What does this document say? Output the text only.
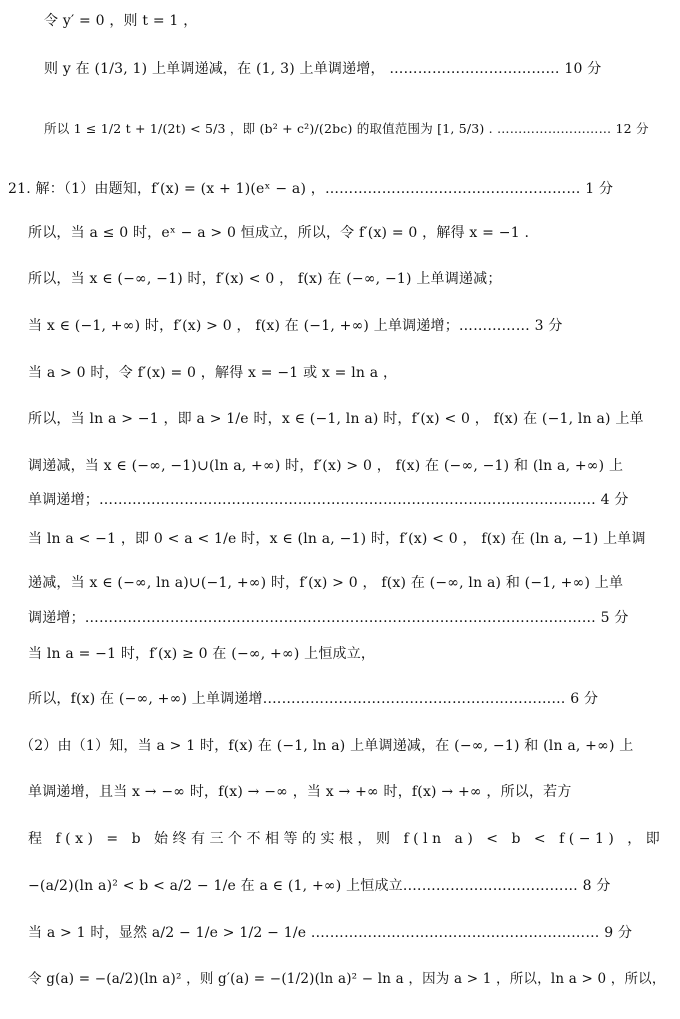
令 y′ = 0 ，则 t = 1 ，
则 y 在 (1/3, 1) 上单调递减，在 (1, 3) 上单调递增， ……………………………… 10 分
所以 1 ≤ 1/2 t + 1/(2t) < 5/3 ，即 (b² + c²)/(2bc) 的取值范围为 [1, 5/3) . ……………………… 12 分
21. 解：（1）由题知，f′(x) = (x + 1)(eˣ − a) ，……………………………………………… 1 分
所以，当 a ≤ 0 时，eˣ − a > 0 恒成立，所以，令 f′(x) = 0 ，解得 x = −1 .
所以，当 x ∈ (−∞, −1) 时，f′(x) < 0 ， f(x) 在 (−∞, −1) 上单调递减；
当 x ∈ (−1, +∞) 时，f′(x) > 0 ， f(x) 在 (−1, +∞) 上单调递增；…………… 3 分
当 a > 0 时，令 f′(x) = 0 ，解得 x = −1 或 x = ln a ，
所以，当 ln a > −1 ，即 a > 1/e 时，x ∈ (−1, ln a) 时，f′(x) < 0 ， f(x) 在 (−1, ln a) 上单
调递减，当 x ∈ (−∞, −1)∪(ln a, +∞) 时，f′(x) > 0 ， f(x) 在 (−∞, −1) 和 (ln a, +∞) 上
单调递增；…………………………………………………………………………………………… 4 分
当 ln a < −1 ，即 0 < a < 1/e 时，x ∈ (ln a, −1) 时，f′(x) < 0 ， f(x) 在 (ln a, −1) 上单调
递减，当 x ∈ (−∞, ln a)∪(−1, +∞) 时，f′(x) > 0 ， f(x) 在 (−∞, ln a) 和 (−1, +∞) 上单
调递增；……………………………………………………………………………………………… 5 分
当 ln a = −1 时，f′(x) ≥ 0 在 (−∞, +∞) 上恒成立，
所以，f(x) 在 (−∞, +∞) 上单调递增.……………………………………………………… 6 分
（2）由（1）知，当 a > 1 时，f(x) 在 (−1, ln a) 上单调递减，在 (−∞, −1) 和 (ln a, +∞) 上
单调递增，且当 x → −∞ 时，f(x) → −∞ ，当 x → +∞ 时，f(x) → +∞ ，所以，若方
程 f(x) = b 始终有三个不相等的实根，则 f(ln a) < b < f(−1) ，即
−(a/2)(ln a)² < b < a/2 − 1/e 在 a ∈ (1, +∞) 上恒成立.……………………………… 8 分
当 a > 1 时，显然 a/2 − 1/e > 1/2 − 1/e .…………………………………………………… 9 分
令 g(a) = −(a/2)(ln a)² ，则 g′(a) = −(1/2)(ln a)² − ln a ，因为 a > 1 ，所以，ln a > 0 ，所以，
